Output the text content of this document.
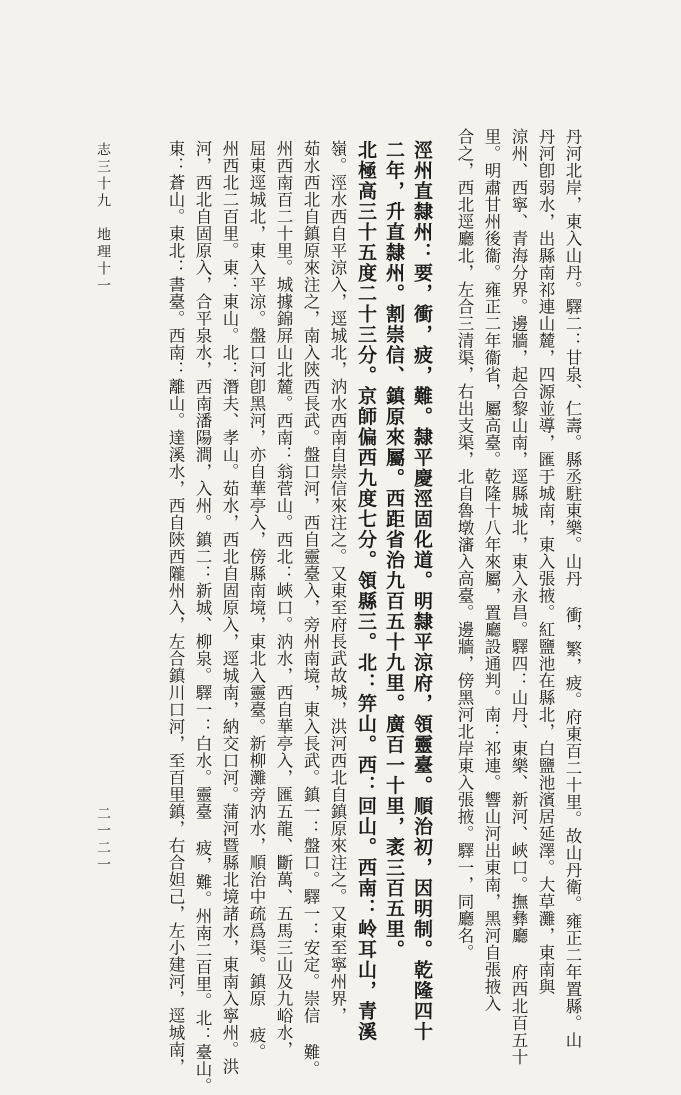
丹河北岸，東入山丹。驛二：甘泉、仁壽。縣丞駐東樂。山丹 衝，繁，疲。府東百二十里。故山丹衛。雍正二年置縣。山
丹河卽弱水，出縣南祁連山麓，四源並導，匯于城南，東入張掖。紅鹽池在縣北，白鹽池濱居延澤。大草灘，東南與
涼州、西寧、青海分界。邊牆，起合黎山南，逕縣城北，東入永昌。驛四：山丹、東樂、新河、峽口。撫彝廳 府西北百五十
里。明肅甘州後衞。雍正二年衞省，屬高臺。乾隆十八年來屬，置廳設通判。南：祁連。響山河出東南，黑河自張掖入
合之，西北逕廳北，左合三清渠，右出支渠，北自魯墩瀋入高臺。邊牆，傍黑河北岸東入張掖。驛一，同廳名。
涇州直隸州：要，衝，疲，難。隸平慶涇固化道。明隸平涼府，領靈臺。順治初，因明制。乾隆四十
二年，升直隸州。割崇信、鎮原來屬。西距省治九百五十九里。廣百一十里，袤三百五里。
北極高三十五度二十三分。京師偏西九度七分。領縣三。北：笄山。西：回山。西南：岭耳山，青溪
嶺。涇水西自平涼入，逕城北，汭水西南自崇信來注之。又東至府長武故城，洪河西北自鎮原來注之。又東至寧州界，
茹水西北自鎮原來注之，南入陝西長武。盤口河，西自靈臺入，旁州南境，東入長武。鎮一：盤口。驛一：安定。崇信 難。
州西南百二十里。城據錦屏山北麓。西南：翁菅山。西北：峽口。汭水，西自華亭入，匯五龍、斷萬、五馬三山及九峪水，
屈東逕城北，東入平涼。盤口河卽黑河，亦自華亭入，傍縣南境，東北入靈臺。新柳灘旁汭水，順治中疏爲渠。鎮原 疲。
州西北二百里。東：東山。北：潛夫、孝山。茹水，西北自固原入，逕城南，納交口河。蒲河暨縣北境諸水，東南入寧州。洪
河，西北自固原入，合平泉水，西南潘陽澗，入州。鎮二：新城、柳泉。驛一：白水。靈臺 疲，難。州南二百里。北：臺山。
東：蒼山。東北：書臺。西南：離山。達溪水，西自陝西隴州入，左合鎮川口河，至百里鎮，右合妲己，左小建河，逕城南，
志三十九　地理十一
二一二一
